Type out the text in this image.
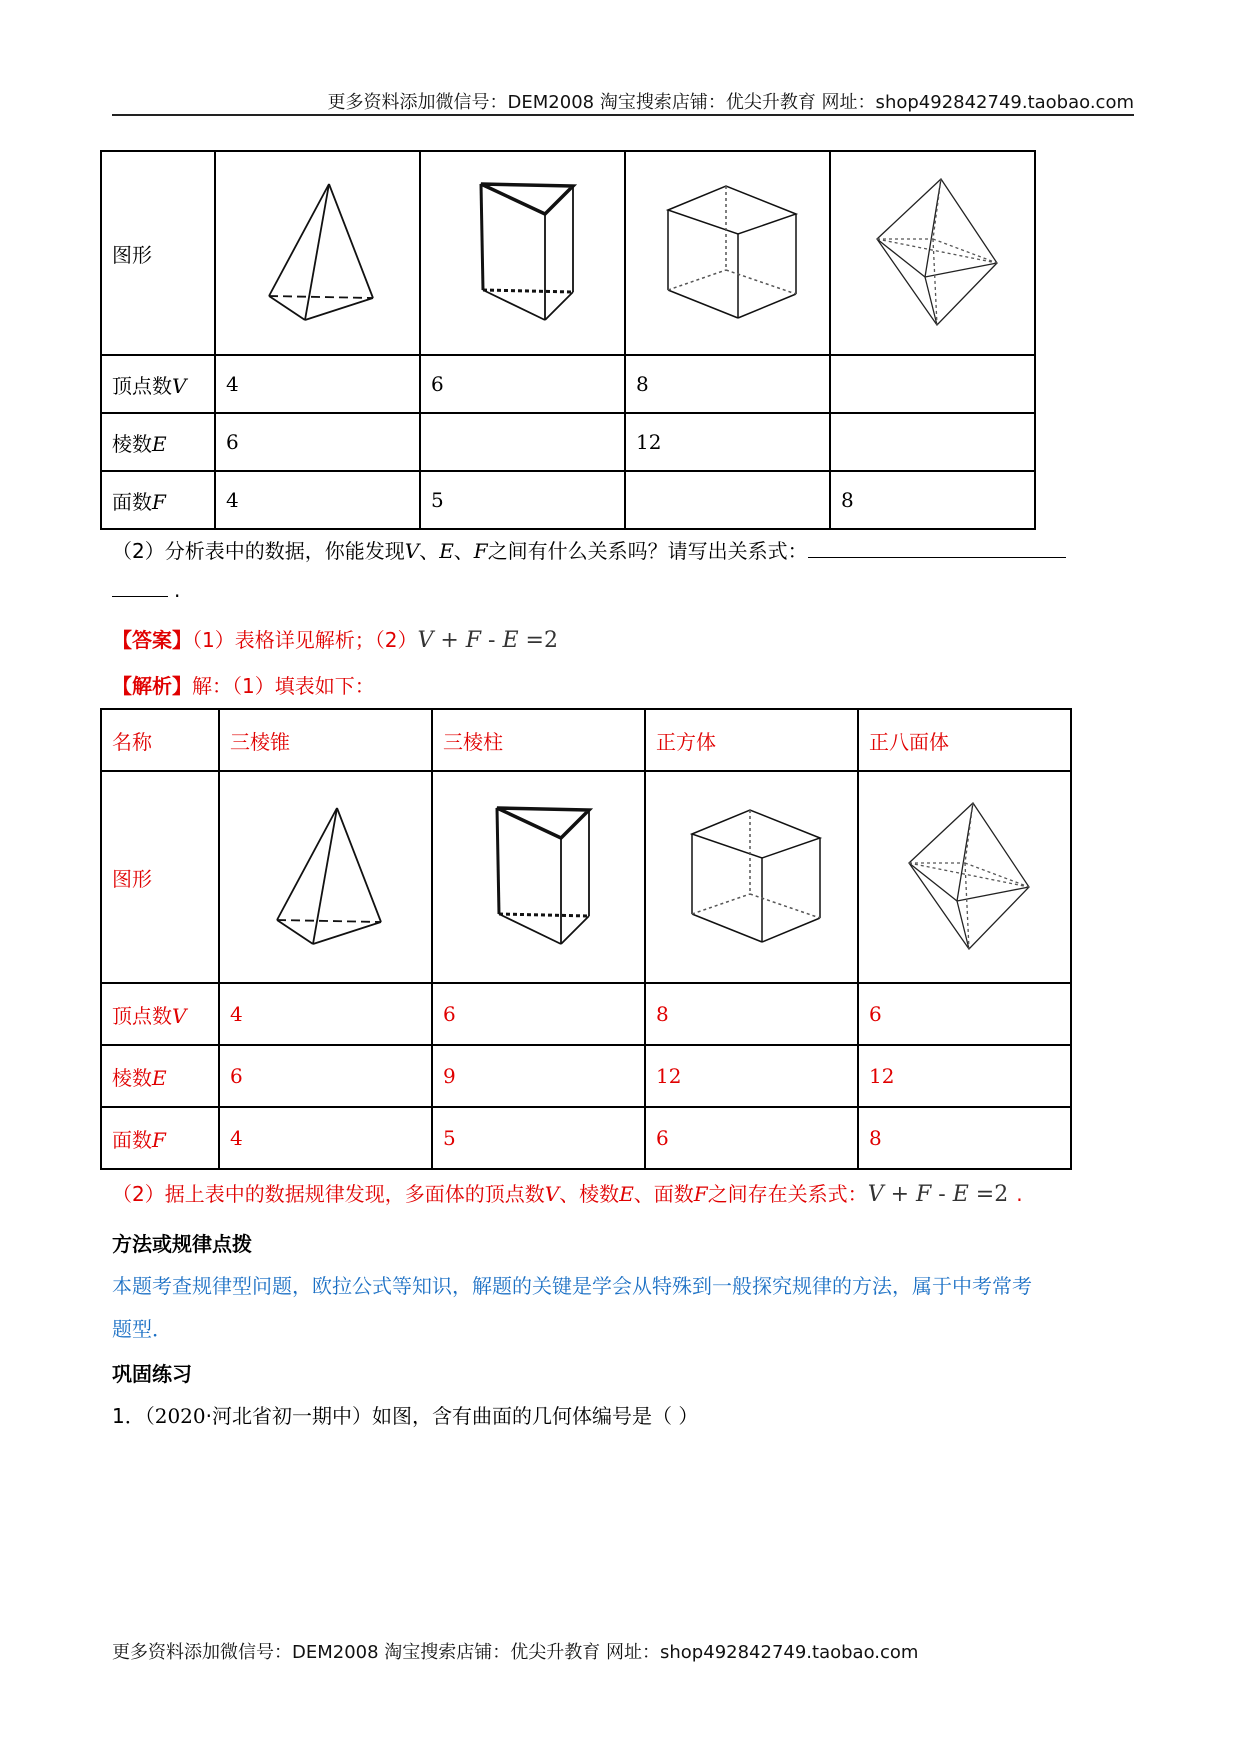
更多资料添加微信号：DEM2008 淘宝搜索店铺：优尖升教育 网址：shop492842749.taobao.com
图形	

顶点数V	4	6	8	
棱数E	6		12	
面数F	4	5		8
（2）分析表中的数据，你能发现V、E、F之间有什么关系吗？请写出关系式：
.
【答案】（1）表格详见解析；（2）V + F - E =2
【解析】解：（1）填表如下：
名称	三棱锥	三棱柱	正方体	正八面体
图形	

顶点数V	4	6	8	6
棱数E	6	9	12	12
面数F	4	5	6	8
（2）据上表中的数据规律发现，多面体的顶点数V、棱数E、面数F之间存在关系式：V + F - E =2 .
方法或规律点拨
本题考查规律型问题，欧拉公式等知识，解题的关键是学会从特殊到一般探究规律的方法，属于中考常考
题型．
巩固练习
1．（2020·河北省初一期中）如图，含有曲面的几何体编号是（ ）
更多资料添加微信号：DEM2008 淘宝搜索店铺：优尖升教育 网址：shop492842749.taobao.com
